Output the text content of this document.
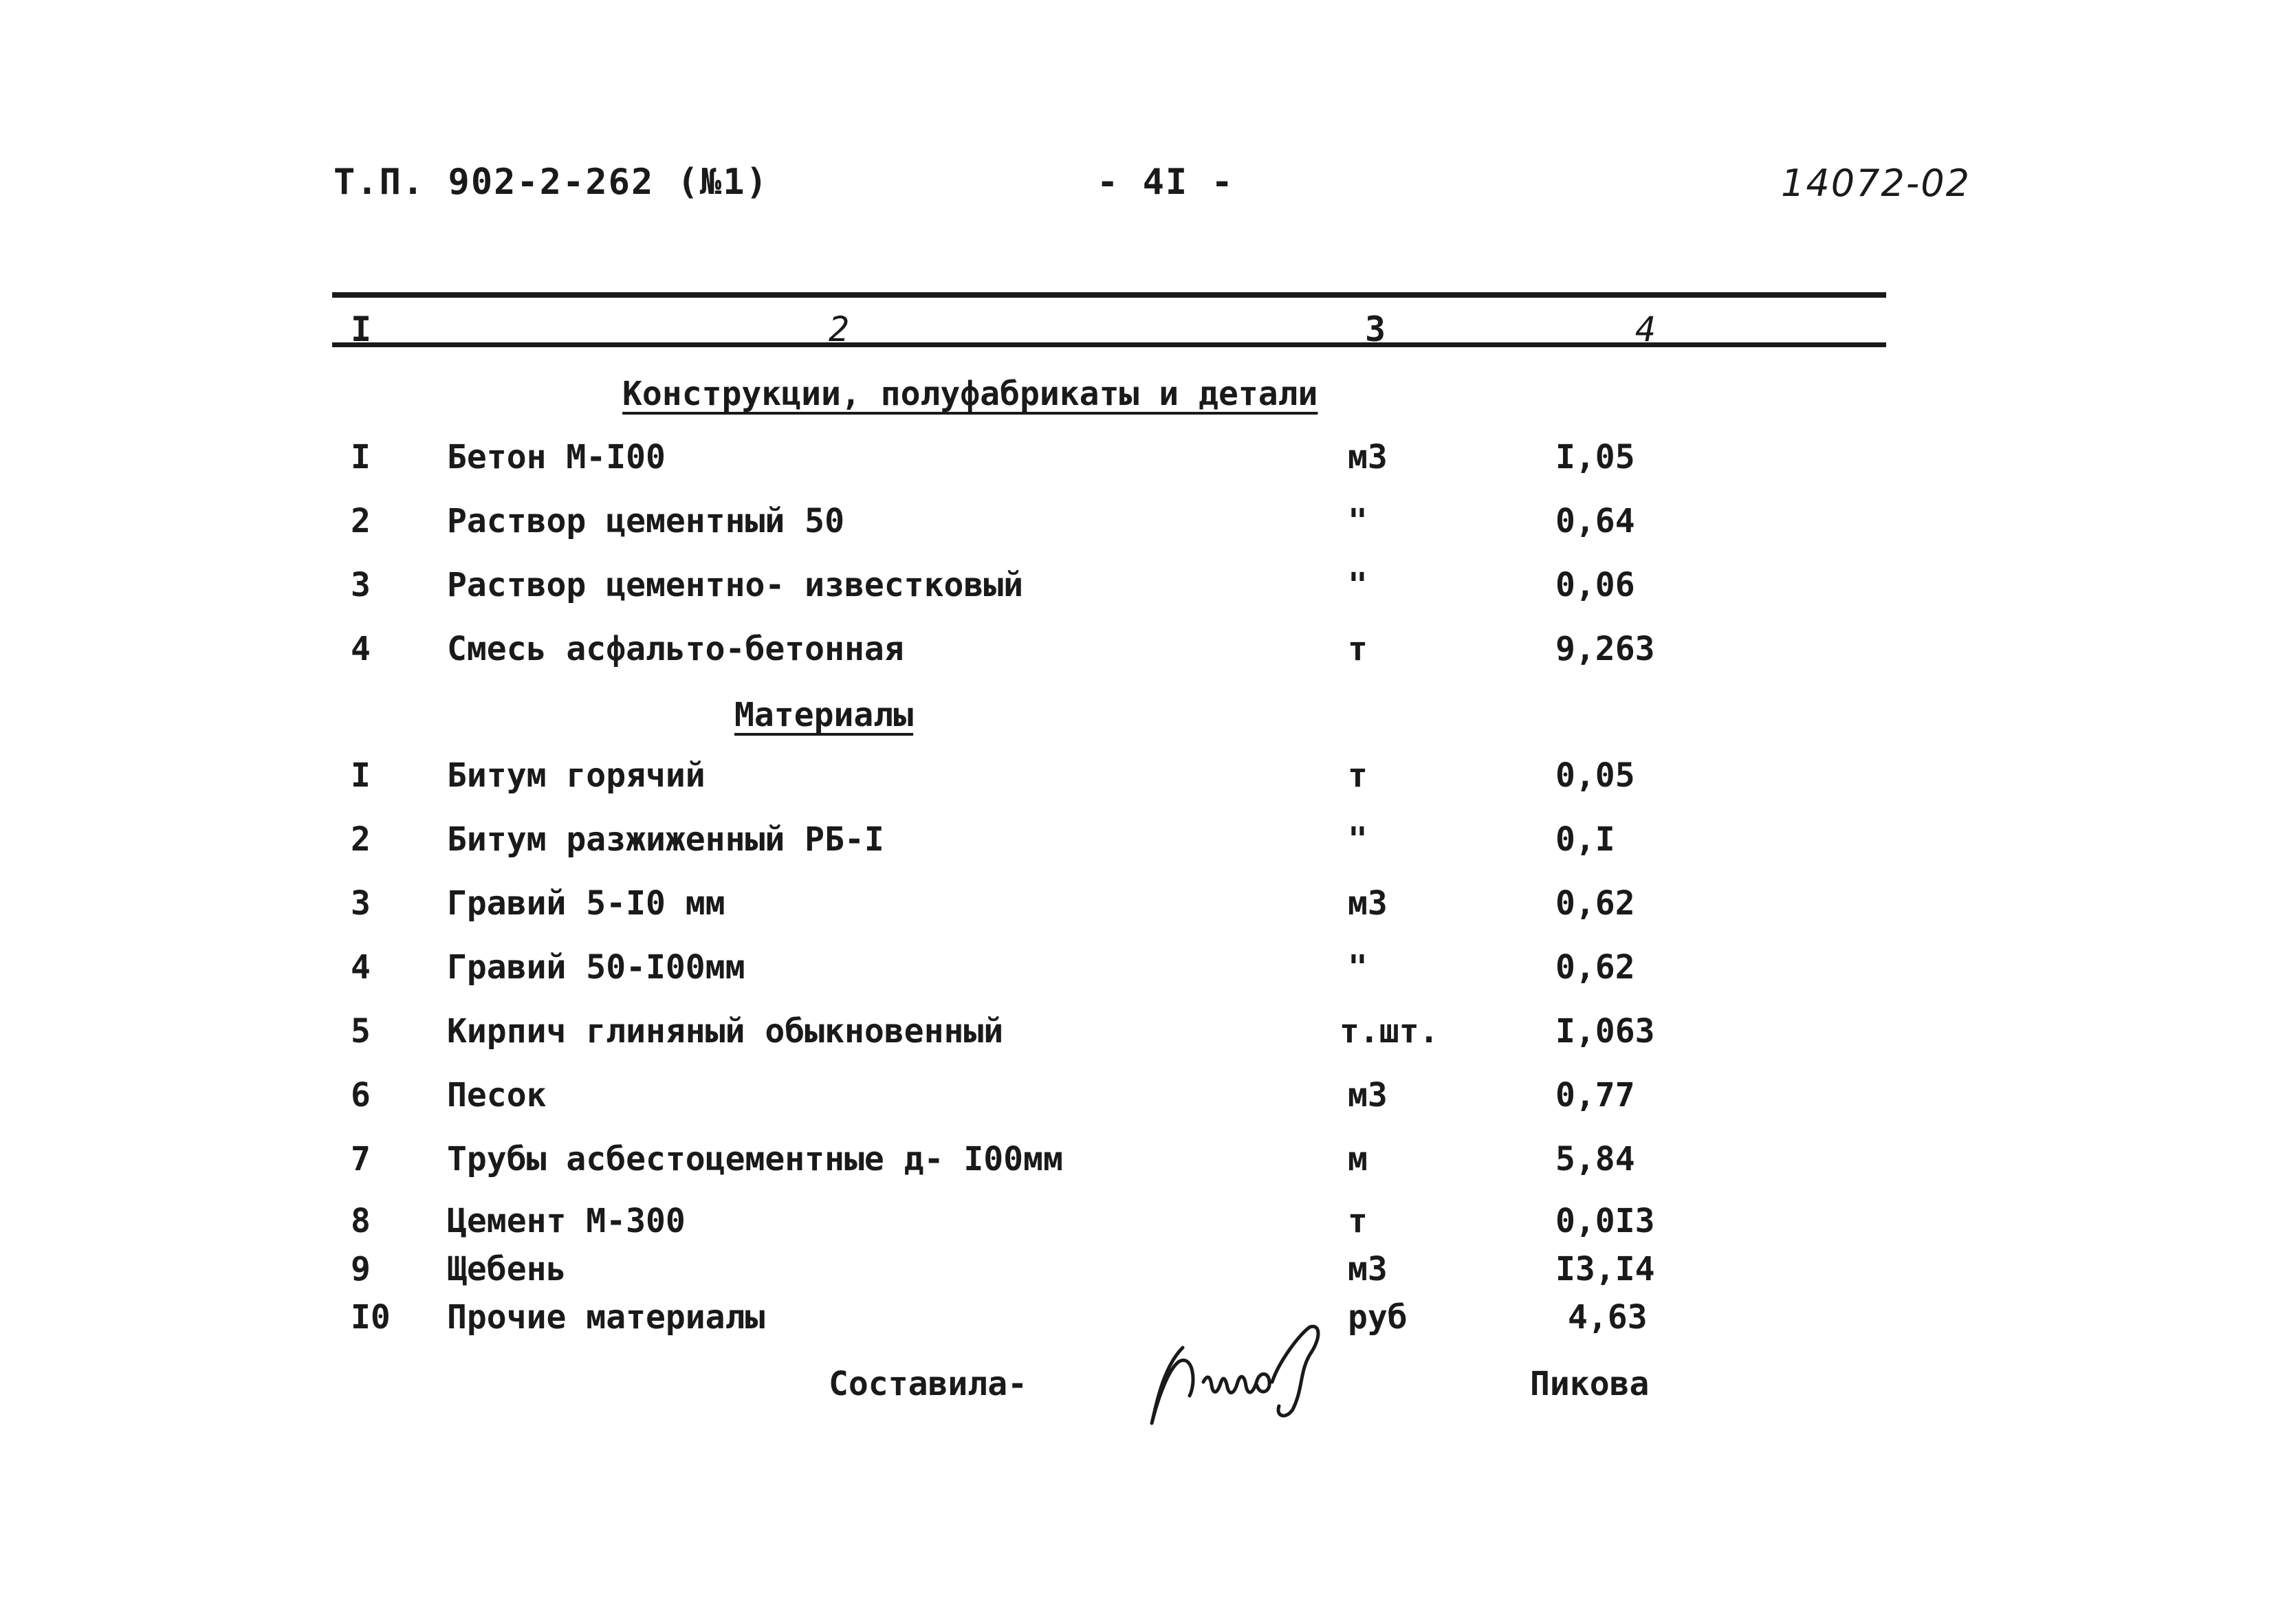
Т.П. 902-2-262 (№1)	- 4I -	14072-02
I	2	3	4
Конструкции, полуфабрикаты и детали
I Бетон М-I00	м3	I,05
2 Раствор цементный 50	"	0,64
3 Раствор цементно- известковый	"	0,06
4 Смесь асфальто-бетонная	т	9,263
Материалы
I Битум горячий	т	0,05
2 Битум разжиженный РБ-I	"	0,I
3 Гравий 5-I0 мм	м3	0,62
4 Гравий 50-I00мм	"	0,62
5 Кирпич глиняный обыкновенный	т.шт.	I,063
6 Песок	м3	0,77
7 Трубы асбестоцементные д- I00мм	м	5,84
8 Цемент М-300	т	0,0I3
9 Щебень	м3	I3,I4
I0 Прочие материалы	руб	4,63
Составила-	Пикова
